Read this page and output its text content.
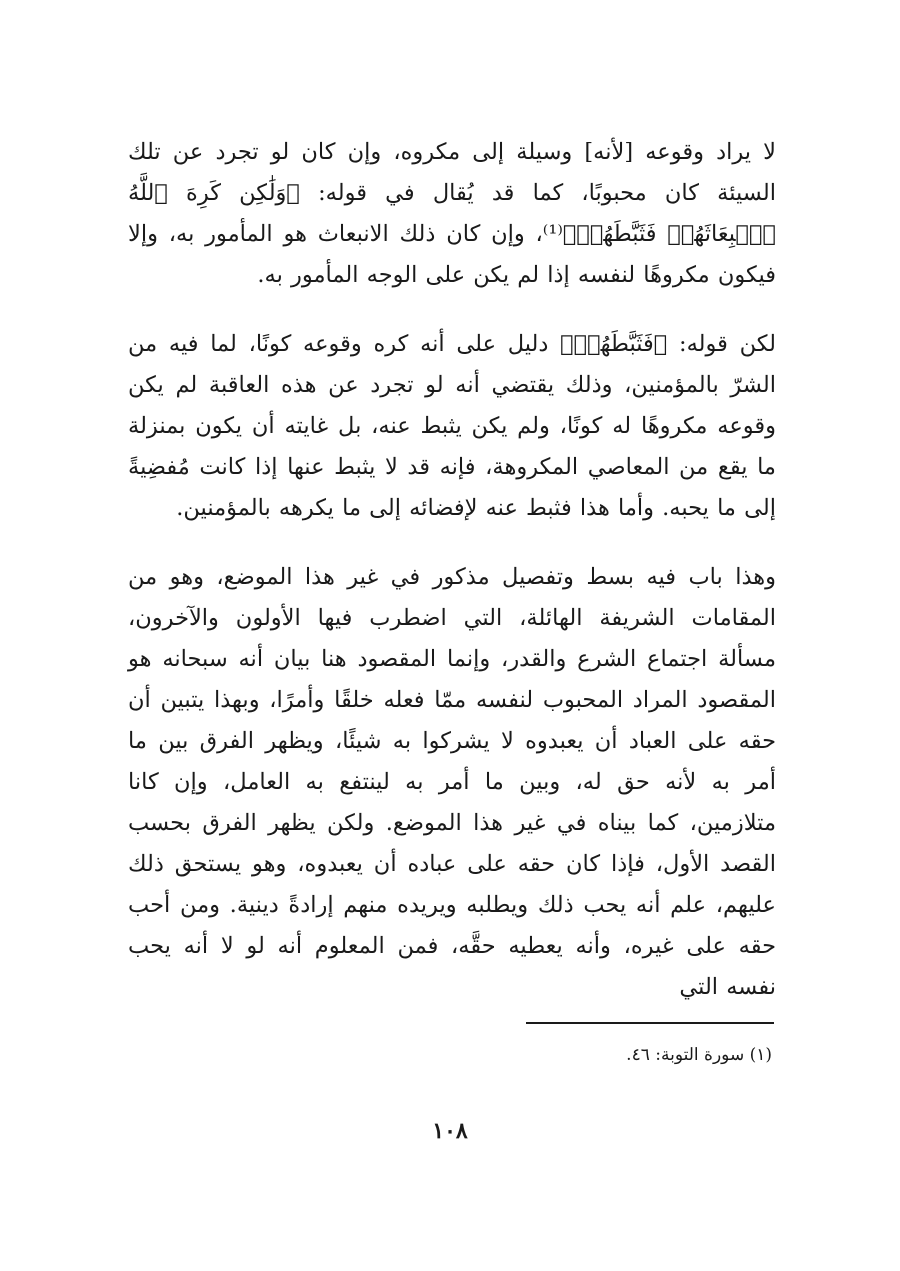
لا يراد وقوعه [لأنه] وسيلة إلى مكروه، وإن كان لو تجرد عن تلك السيئة كان محبوبًا، كما قد يُقال في قوله: ﴿وَلَٰكِن كَرِهَ ٱللَّهُ ٱنۢبِعَاثَهُمۡ فَثَبَّطَهُمۡ﴾⁽¹⁾، وإن كان ذلك الانبعاث هو المأمور به، وإلا فيكون مكروهًا لنفسه إذا لم يكن على الوجه المأمور به.

لكن قوله: ﴿فَثَبَّطَهُمۡ﴾ دليل على أنه كره وقوعه كونًا، لما فيه من الشرّ بالمؤمنين، وذلك يقتضي أنه لو تجرد عن هذه العاقبة لم يكن وقوعه مكروهًا له كونًا، ولم يكن يثبط عنه، بل غايته أن يكون بمنزلة ما يقع من المعاصي المكروهة، فإنه قد لا يثبط عنها إذا كانت مُفضِيةً إلى ما يحبه. وأما هذا فثبط عنه لإفضائه إلى ما يكرهه بالمؤمنين.

وهذا باب فيه بسط وتفصيل مذكور في غير هذا الموضع، وهو من المقامات الشريفة الهائلة، التي اضطرب فيها الأولون والآخرون، مسألة اجتماع الشرع والقدر، وإنما المقصود هنا بيان أنه سبحانه هو المقصود المراد المحبوب لنفسه ممّا فعله خلقًا وأمرًا، وبهذا يتبين أن حقه على العباد أن يعبدوه لا يشركوا به شيئًا، ويظهر الفرق بين ما أمر به لأنه حق له، وبين ما أمر به لينتفع به العامل، وإن كانا متلازمين، كما بيناه في غير هذا الموضع. ولكن يظهر الفرق بحسب القصد الأول، فإذا كان حقه على عباده أن يعبدوه، وهو يستحق ذلك عليهم، علم أنه يحب ذلك ويطلبه ويريده منهم إرادةً دينية. ومن أحب حقه على غيره، وأنه يعطيه حقَّه، فمن المعلوم أنه لو لا أنه يحب نفسه التي

(١) سورة التوبة: ٤٦.
١٠٨
